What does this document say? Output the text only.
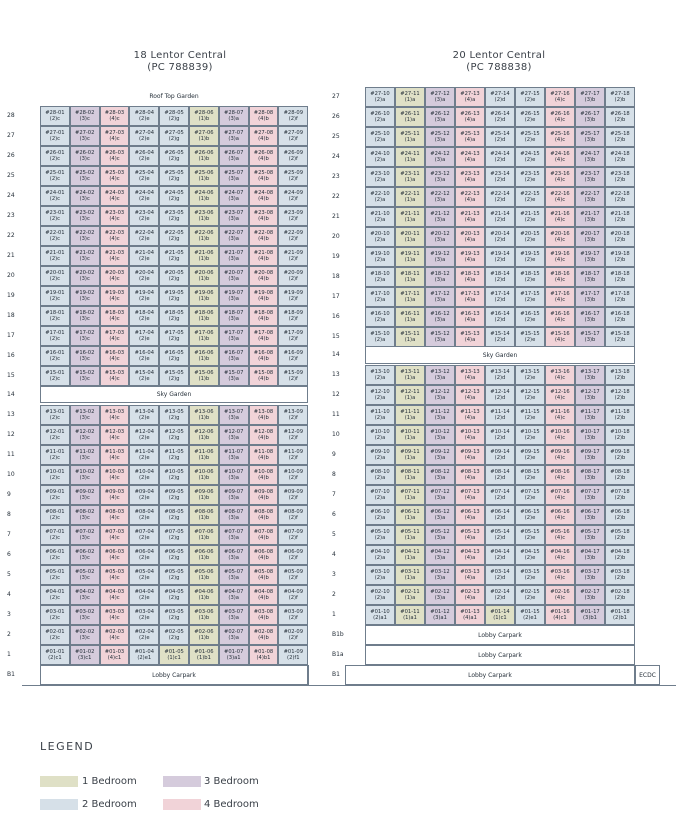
18 Lentor Central
(PC 788839)
20 Lentor Central
(PC 788838)
Roof Top Garden
Sky Garden
14
Lobby Carpark
B1
Sky Garden
14
Lobby Carpark
B1b
Lobby Carpark
B1a
Lobby Carpark
B1	ECDC
28	#28-01
(2)c
#28-02
(3)c
#28-03
(4)c
#28-04
(2)e
#28-05
(2)g
#28-06
(1)b
#28-07
(3)a
#28-08
(4)b
#28-09
(2)f
27	#27-01
(2)c
#27-02
(3)c
#27-03
(4)c
#27-04
(2)e
#27-05
(2)g
#27-06
(1)b
#27-07
(3)a
#27-08
(4)b
#27-09
(2)f
26	#26-01
(2)c
#26-02
(3)c
#26-03
(4)c
#26-04
(2)e
#26-05
(2)g
#26-06
(1)b
#26-07
(3)a
#26-08
(4)b
#26-09
(2)f
25	#25-01
(2)c
#25-02
(3)c
#25-03
(4)c
#25-04
(2)e
#25-05
(2)g
#25-06
(1)b
#25-07
(3)a
#25-08
(4)b
#25-09
(2)f
24	#24-01
(2)c
#24-02
(3)c
#24-03
(4)c
#24-04
(2)e
#24-05
(2)g
#24-06
(1)b
#24-07
(3)a
#24-08
(4)b
#24-09
(2)f
23	#23-01
(2)c
#23-02
(3)c
#23-03
(4)c
#23-04
(2)e
#23-05
(2)g
#23-06
(1)b
#23-07
(3)a
#23-08
(4)b
#23-09
(2)f
22	#22-01
(2)c
#22-02
(3)c
#22-03
(4)c
#22-04
(2)e
#22-05
(2)g
#22-06
(1)b
#22-07
(3)a
#22-08
(4)b
#22-09
(2)f
21	#21-01
(2)c
#21-02
(3)c
#21-03
(4)c
#21-04
(2)e
#21-05
(2)g
#21-06
(1)b
#21-07
(3)a
#21-08
(4)b
#21-09
(2)f
20	#20-01
(2)c
#20-02
(3)c
#20-03
(4)c
#20-04
(2)e
#20-05
(2)g
#20-06
(1)b
#20-07
(3)a
#20-08
(4)b
#20-09
(2)f
19	#19-01
(2)c
#19-02
(3)c
#19-03
(4)c
#19-04
(2)e
#19-05
(2)g
#19-06
(1)b
#19-07
(3)a
#19-08
(4)b
#19-09
(2)f
18	#18-01
(2)c
#18-02
(3)c
#18-03
(4)c
#18-04
(2)e
#18-05
(2)g
#18-06
(1)b
#18-07
(3)a
#18-08
(4)b
#18-09
(2)f
17	#17-01
(2)c
#17-02
(3)c
#17-03
(4)c
#17-04
(2)e
#17-05
(2)g
#17-06
(1)b
#17-07
(3)a
#17-08
(4)b
#17-09
(2)f
16	#16-01
(2)c
#16-02
(3)c
#16-03
(4)c
#16-04
(2)e
#16-05
(2)g
#16-06
(1)b
#16-07
(3)a
#16-08
(4)b
#16-09
(2)f
15	#15-01
(2)c
#15-02
(3)c
#15-03
(4)c
#15-04
(2)e
#15-05
(2)g
#15-06
(1)b
#15-07
(3)a
#15-08
(4)b
#15-09
(2)f
13	#13-01
(2)c
#13-02
(3)c
#13-03
(4)c
#13-04
(2)e
#13-05
(2)g
#13-06
(1)b
#13-07
(3)a
#13-08
(4)b
#13-09
(2)f
12	#12-01
(2)c
#12-02
(3)c
#12-03
(4)c
#12-04
(2)e
#12-05
(2)g
#12-06
(1)b
#12-07
(3)a
#12-08
(4)b
#12-09
(2)f
11	#11-01
(2)c
#11-02
(3)c
#11-03
(4)c
#11-04
(2)e
#11-05
(2)g
#11-06
(1)b
#11-07
(3)a
#11-08
(4)b
#11-09
(2)f
10	#10-01
(2)c
#10-02
(3)c
#10-03
(4)c
#10-04
(2)e
#10-05
(2)g
#10-06
(1)b
#10-07
(3)a
#10-08
(4)b
#10-09
(2)f
9	#09-01
(2)c
#09-02
(3)c
#09-03
(4)c
#09-04
(2)e
#09-05
(2)g
#09-06
(1)b
#09-07
(3)a
#09-08
(4)b
#09-09
(2)f
8	#08-01
(2)c
#08-02
(3)c
#08-03
(4)c
#08-04
(2)e
#08-05
(2)g
#08-06
(1)b
#08-07
(3)a
#08-08
(4)b
#08-09
(2)f
7	#07-01
(2)c
#07-02
(3)c
#07-03
(4)c
#07-04
(2)e
#07-05
(2)g
#07-06
(1)b
#07-07
(3)a
#07-08
(4)b
#07-09
(2)f
6	#06-01
(2)c
#06-02
(3)c
#06-03
(4)c
#06-04
(2)e
#06-05
(2)g
#06-06
(1)b
#06-07
(3)a
#06-08
(4)b
#06-09
(2)f
5	#05-01
(2)c
#05-02
(3)c
#05-03
(4)c
#05-04
(2)e
#05-05
(2)g
#05-06
(1)b
#05-07
(3)a
#05-08
(4)b
#05-09
(2)f
4	#04-01
(2)c
#04-02
(3)c
#04-03
(4)c
#04-04
(2)e
#04-05
(2)g
#04-06
(1)b
#04-07
(3)a
#04-08
(4)b
#04-09
(2)f
3	#03-01
(2)c
#03-02
(3)c
#03-03
(4)c
#03-04
(2)e
#03-05
(2)g
#03-06
(1)b
#03-07
(3)a
#03-08
(4)b
#03-09
(2)f
2	#02-01
(2)c
#02-02
(3)c
#02-03
(4)c
#02-04
(2)e
#02-05
(2)g
#02-06
(1)b
#02-07
(3)a
#02-08
(4)b
#02-09
(2)f
1	#01-01
(2)c1
#01-02
(3)c1
#01-03
(4)c1
#01-04
(2)e1
#01-05
(1)c1
#01-06
(1)b1
#01-07
(3)a1
#01-08
(4)b1
#01-09
(2)f1
27	#27-10
(2)a
#27-11
(1)a
#27-12
(3)a
#27-13
(4)a
#27-14
(2)d
#27-15
(2)e
#27-16
(4)c
#27-17
(3)b
#27-18
(2)b
26	#26-10
(2)a
#26-11
(1)a
#26-12
(3)a
#26-13
(4)a
#26-14
(2)d
#26-15
(2)e
#26-16
(4)c
#26-17
(3)b
#26-18
(2)b
25	#25-10
(2)a
#25-11
(1)a
#25-12
(3)a
#25-13
(4)a
#25-14
(2)d
#25-15
(2)e
#25-16
(4)c
#25-17
(3)b
#25-18
(2)b
24	#24-10
(2)a
#24-11
(1)a
#24-12
(3)a
#24-13
(4)a
#24-14
(2)d
#24-15
(2)e
#24-16
(4)c
#24-17
(3)b
#24-18
(2)b
23	#23-10
(2)a
#23-11
(1)a
#23-12
(3)a
#23-13
(4)a
#23-14
(2)d
#23-15
(2)e
#23-16
(4)c
#23-17
(3)b
#23-18
(2)b
22	#22-10
(2)a
#22-11
(1)a
#22-12
(3)a
#22-13
(4)a
#22-14
(2)d
#22-15
(2)e
#22-16
(4)c
#22-17
(3)b
#22-18
(2)b
21	#21-10
(2)a
#21-11
(1)a
#21-12
(3)a
#21-13
(4)a
#21-14
(2)d
#21-15
(2)e
#21-16
(4)c
#21-17
(3)b
#21-18
(2)b
20	#20-10
(2)a
#20-11
(1)a
#20-12
(3)a
#20-13
(4)a
#20-14
(2)d
#20-15
(2)e
#20-16
(4)c
#20-17
(3)b
#20-18
(2)b
19	#19-10
(2)a
#19-11
(1)a
#19-12
(3)a
#19-13
(4)a
#19-14
(2)d
#19-15
(2)e
#19-16
(4)c
#19-17
(3)b
#19-18
(2)b
18	#18-10
(2)a
#18-11
(1)a
#18-12
(3)a
#18-13
(4)a
#18-14
(2)d
#18-15
(2)e
#18-16
(4)c
#18-17
(3)b
#18-18
(2)b
17	#17-10
(2)a
#17-11
(1)a
#17-12
(3)a
#17-13
(4)a
#17-14
(2)d
#17-15
(2)e
#17-16
(4)c
#17-17
(3)b
#17-18
(2)b
16	#16-10
(2)a
#16-11
(1)a
#16-12
(3)a
#16-13
(4)a
#16-14
(2)d
#16-15
(2)e
#16-16
(4)c
#16-17
(3)b
#16-18
(2)b
15	#15-10
(2)a
#15-11
(1)a
#15-12
(3)a
#15-13
(4)a
#15-14
(2)d
#15-15
(2)e
#15-16
(4)c
#15-17
(3)b
#15-18
(2)b
13	#13-10
(2)a
#13-11
(1)a
#13-12
(3)a
#13-13
(4)a
#13-14
(2)d
#13-15
(2)e
#13-16
(4)c
#13-17
(3)b
#13-18
(2)b
12	#12-10
(2)a
#12-11
(1)a
#12-12
(3)a
#12-13
(4)a
#12-14
(2)d
#12-15
(2)e
#12-16
(4)c
#12-17
(3)b
#12-18
(2)b
11	#11-10
(2)a
#11-11
(1)a
#11-12
(3)a
#11-13
(4)a
#11-14
(2)d
#11-15
(2)e
#11-16
(4)c
#11-17
(3)b
#11-18
(2)b
10	#10-10
(2)a
#10-11
(1)a
#10-12
(3)a
#10-13
(4)a
#10-14
(2)d
#10-15
(2)e
#10-16
(4)c
#10-17
(3)b
#10-18
(2)b
9	#09-10
(2)a
#09-11
(1)a
#09-12
(3)a
#09-13
(4)a
#09-14
(2)d
#09-15
(2)e
#09-16
(4)c
#09-17
(3)b
#09-18
(2)b
8	#08-10
(2)a
#08-11
(1)a
#08-12
(3)a
#08-13
(4)a
#08-14
(2)d
#08-15
(2)e
#08-16
(4)c
#08-17
(3)b
#08-18
(2)b
7	#07-10
(2)a
#07-11
(1)a
#07-12
(3)a
#07-13
(4)a
#07-14
(2)d
#07-15
(2)e
#07-16
(4)c
#07-17
(3)b
#07-18
(2)b
6	#06-10
(2)a
#06-11
(1)a
#06-12
(3)a
#06-13
(4)a
#06-14
(2)d
#06-15
(2)e
#06-16
(4)c
#06-17
(3)b
#06-18
(2)b
5	#05-10
(2)a
#05-11
(1)a
#05-12
(3)a
#05-13
(4)a
#05-14
(2)d
#05-15
(2)e
#05-16
(4)c
#05-17
(3)b
#05-18
(2)b
4	#04-10
(2)a
#04-11
(1)a
#04-12
(3)a
#04-13
(4)a
#04-14
(2)d
#04-15
(2)e
#04-16
(4)c
#04-17
(3)b
#04-18
(2)b
3	#03-10
(2)a
#03-11
(1)a
#03-12
(3)a
#03-13
(4)a
#03-14
(2)d
#03-15
(2)e
#03-16
(4)c
#03-17
(3)b
#03-18
(2)b
2	#02-10
(2)a
#02-11
(1)a
#02-12
(3)a
#02-13
(4)a
#02-14
(2)d
#02-15
(2)e
#02-16
(4)c
#02-17
(3)b
#02-18
(2)b
1	#01-10
(2)a1
#01-11
(1)a1
#01-12
(3)a1
#01-13
(4)a1
#01-14
(1)c1
#01-15
(2)e1
#01-16
(4)c1
#01-17
(3)b1
#01-18
(2)b1
LEGEND
1 Bedroom
2 Bedroom
3 Bedroom
4 Bedroom
